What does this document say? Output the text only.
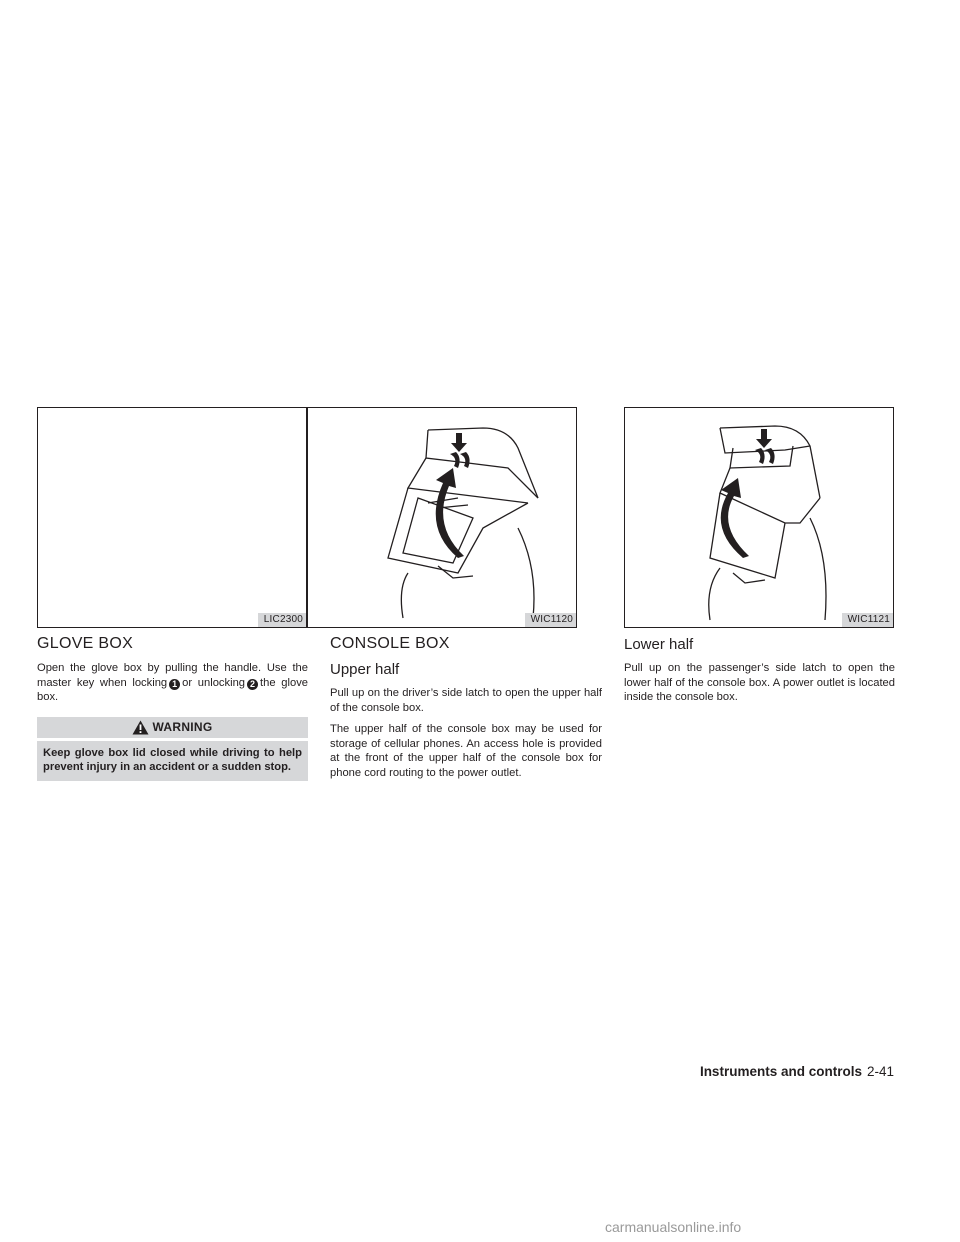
LIC2300	WIC1120	WIC1121
GLOVE BOX

Open the glove box by pulling the handle. Use the master key when locking 1 or unlocking 2 the glove box.

WARNING
Keep glove box lid closed while driving to help prevent injury in an accident or a sudden stop.
CONSOLE BOX
Upper half

Pull up on the driver’s side latch to open the upper half of the console box.

The upper half of the console box may be used for storage of cellular phones. An access hole is provided at the front of the upper half of the console box for phone cord routing to the power outlet.

Lower half

Pull up on the passenger’s side latch to open the lower half of the console box. A power outlet is located inside the console box.

Instruments and controls 2-41
carmanualsonline.info
